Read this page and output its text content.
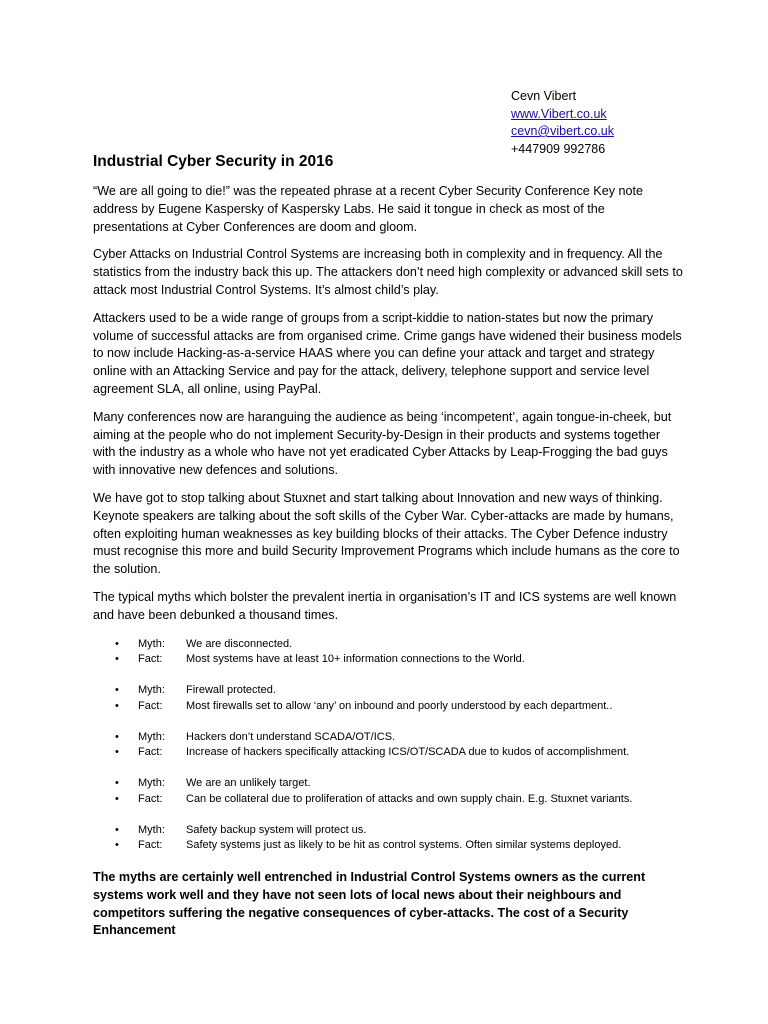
Cevn Vibert
www.Vibert.co.uk
cevn@vibert.co.uk
+447909 992786
Industrial Cyber Security in 2016

“We are all going to die!” was the repeated phrase at a recent Cyber Security Conference Key note address by Eugene Kaspersky of Kaspersky Labs. He said it tongue in check as most of the presentations at Cyber Conferences are doom and gloom.

Cyber Attacks on Industrial Control Systems are increasing both in complexity and in frequency. All the statistics from the industry back this up. The attackers don’t need high complexity or advanced skill sets to attack most Industrial Control Systems. It’s almost child’s play.

Attackers used to be a wide range of groups from a script-kiddie to nation-states but now the primary volume of successful attacks are from organised crime. Crime gangs have widened their business models to now include Hacking-as-a-service HAAS where you can define your attack and target and strategy online with an Attacking Service and pay for the attack, delivery, telephone support and service level agreement SLA, all online, using PayPal.

Many conferences now are haranguing the audience as being ‘incompetent’, again tongue-in-cheek, but aiming at the people who do not implement Security-by-Design in their products and systems together with the industry as a whole who have not yet eradicated Cyber Attacks by Leap-Frogging the bad guys with innovative new defences and solutions.

We have got to stop talking about Stuxnet and start talking about Innovation and new ways of thinking. Keynote speakers are talking about the soft skills of the Cyber War. Cyber-attacks are made by humans, often exploiting human weaknesses as key building blocks of their attacks. The Cyber Defence industry must recognise this more and build Security Improvement Programs which include humans as the core to the solution.

The typical myths which bolster the prevalent inertia in organisation’s IT and ICS systems are well known and have been debunked a thousand times.

•	Myth:	We are disconnected.
•	Fact:	Most systems have at least 10+ information connections to the World.
•	Myth:	Firewall protected.
•	Fact:	Most firewalls set to allow ‘any’ on inbound and poorly understood by each department..
•	Myth:	Hackers don’t understand SCADA/OT/ICS.
•	Fact:	Increase of hackers specifically attacking ICS/OT/SCADA due to kudos of accomplishment.
•	Myth:	We are an unlikely target.
•	Fact:	Can be collateral due to proliferation of attacks and own supply chain. E.g. Stuxnet variants.
•	Myth:	Safety backup system will protect us.
•	Fact:	Safety systems just as likely to be hit as control systems. Often similar systems deployed.

The myths are certainly well entrenched in Industrial Control Systems owners as the current systems work well and they have not seen lots of local news about their neighbours and competitors suffering the negative consequences of cyber-attacks. The cost of a Security Enhancement
